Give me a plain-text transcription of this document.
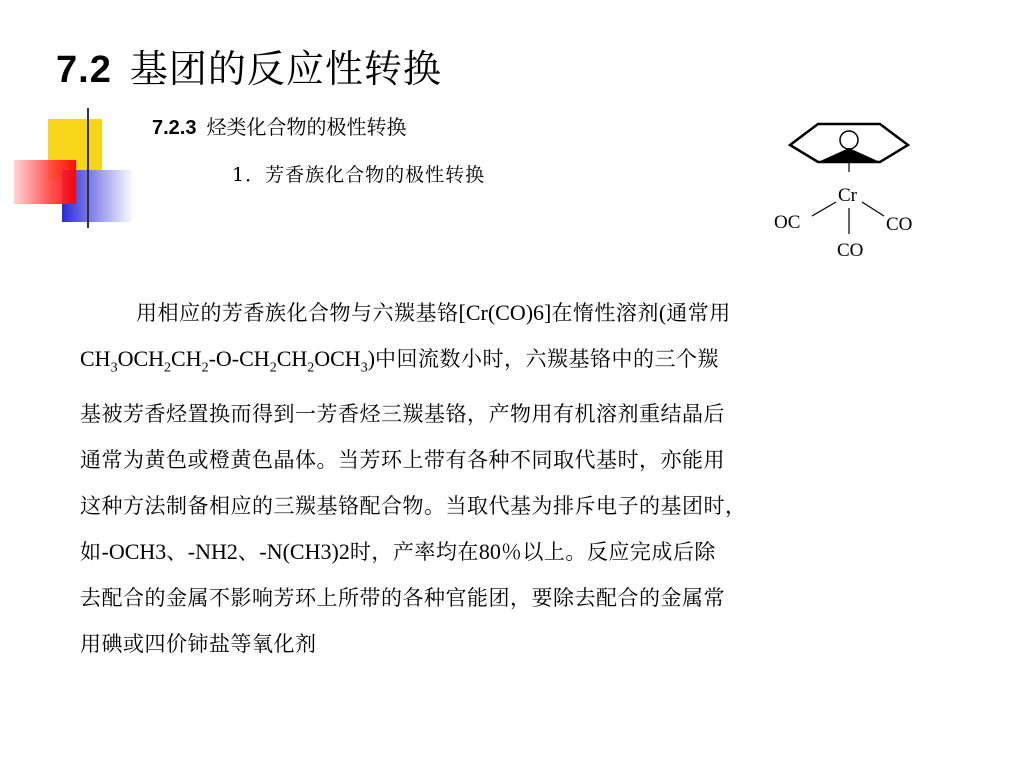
7.2 基团的反应性转换
7.2.3 烃类化合物的极性转换
1．芳香族化合物的极性转换
Cr
OC	CO
CO
用相应的芳香族化合物与六羰基铬[Cr(CO)6]在惰性溶剂(通常用
$CH_3OCH_2CH_2-O-CH_2CH_2OCH_3$)中回流数小时，六羰基铬中的三个羰
基被芳香烃置换而得到一芳香烃三羰基铬，产物用有机溶剂重结晶后
通常为黄色或橙黄色晶体。当芳环上带有各种不同取代基时，亦能用
这种方法制备相应的三羰基铬配合物。当取代基为排斥电子的基团时，
如-OCH3、-NH2、-N(CH3)2时，产率均在80％以上。反应完成后除
去配合的金属不影响芳环上所带的各种官能团，要除去配合的金属常
用碘或四价铈盐等氧化剂
